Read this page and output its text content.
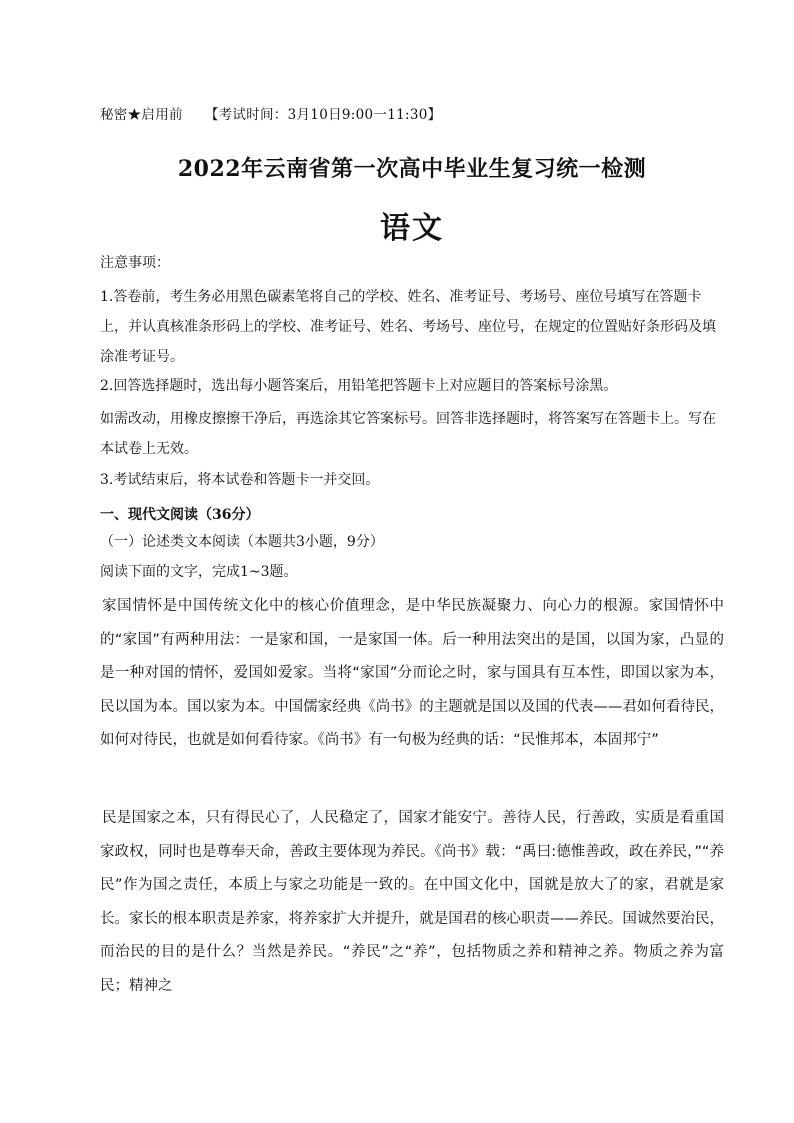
秘密★启用前 【考试时间：3月10日9:00一11:30】
2022年云南省第一次高中毕业生复习统一检测
语文
注意事项：
1.答卷前，考生务必用黑色碳素笔将自己的学校、姓名、准考证号、考场号、座位号填写在答题卡上，并认真核准条形码上的学校、准考证号、姓名、考场号、座位号，在规定的位置贴好条形码及填涂准考证号。
2.回答选择题时，选出每小题答案后，用铅笔把答题卡上对应题目的答案标号涂黑。
如需改动，用橡皮擦擦干净后，再选涂其它答案标号。回答非选择题时，将答案写在答题卡上。写在本试卷上无效。
3.考试结束后，将本试卷和答题卡一并交回。
一、现代文阅读（36分）
（一）论述类文本阅读（本题共3小题，9分）
阅读下面的文字，完成1~3题。
家国情怀是中国传统文化中的核心价值理念，是中华民族凝聚力、向心力的根源。家国情怀中的“家国”有两种用法：一是家和国，一是家国一体。后一种用法突出的是国，以国为家，凸显的是一种对国的情怀，爱国如爱家。当将“家国”分而论之时，家与国具有互本性，即国以家为本，民以国为本。国以家为本。中国儒家经典《尚书》的主题就是国以及国的代表——君如何看待民，如何对待民，也就是如何看待家。《尚书》有一句极为经典的话：“民惟邦本，本固邦宁”
民是国家之本，只有得民心了，人民稳定了，国家才能安宁。善待人民，行善政，实质是看重国家政权，同时也是尊奉天命，善政主要体现为养民。《尚书》载：“禹曰:德惟善政，政在养民，”“养民”作为国之责任，本质上与家之功能是一致的。在中国文化中，国就是放大了的家，君就是家长。家长的根本职责是养家，将养家扩大并提升，就是国君的核心职责——养民。国诚然要治民，而治民的目的是什么？当然是养民。“养民”之“养”，包括物质之养和精神之养。物质之养为富民；精神之
